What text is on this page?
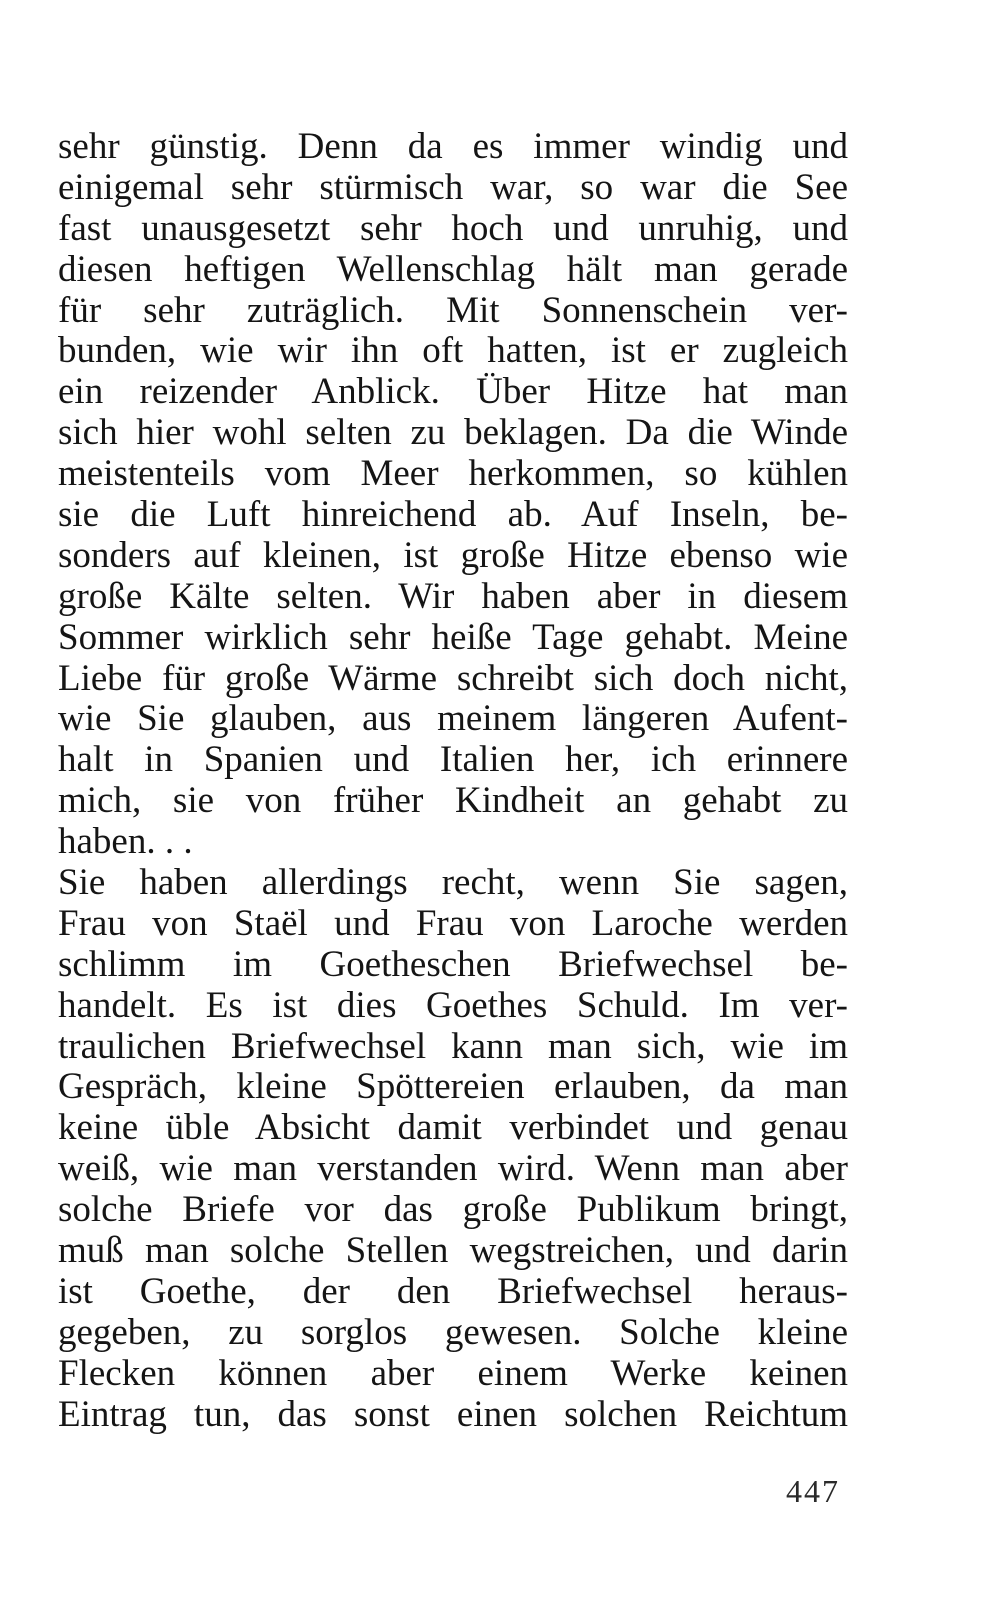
sehr günstig. Denn da es immer windig und
einigemal sehr stürmisch war, so war die See
fast unausgesetzt sehr hoch und unruhig, und
diesen heftigen Wellenschlag hält man gerade
für sehr zuträglich. Mit Sonnenschein ver-
bunden, wie wir ihn oft hatten, ist er zugleich
ein reizender Anblick. Über Hitze hat man
sich hier wohl selten zu beklagen. Da die Winde
meistenteils vom Meer herkommen, so kühlen
sie die Luft hinreichend ab. Auf Inseln, be-
sonders auf kleinen, ist große Hitze ebenso wie
große Kälte selten. Wir haben aber in diesem
Sommer wirklich sehr heiße Tage gehabt. Meine
Liebe für große Wärme schreibt sich doch nicht,
wie Sie glauben, aus meinem längeren Aufent-
halt in Spanien und Italien her, ich erinnere
mich, sie von früher Kindheit an gehabt zu
haben. . .
Sie haben allerdings recht, wenn Sie sagen,
Frau von Staël und Frau von Laroche werden
schlimm im Goetheschen Briefwechsel be-
handelt. Es ist dies Goethes Schuld. Im ver-
traulichen Briefwechsel kann man sich, wie im
Gespräch, kleine Spöttereien erlauben, da man
keine üble Absicht damit verbindet und genau
weiß, wie man verstanden wird. Wenn man aber
solche Briefe vor das große Publikum bringt,
muß man solche Stellen wegstreichen, und darin
ist Goethe, der den Briefwechsel heraus-
gegeben, zu sorglos gewesen. Solche kleine
Flecken können aber einem Werke keinen
Eintrag tun, das sonst einen solchen Reichtum
447
